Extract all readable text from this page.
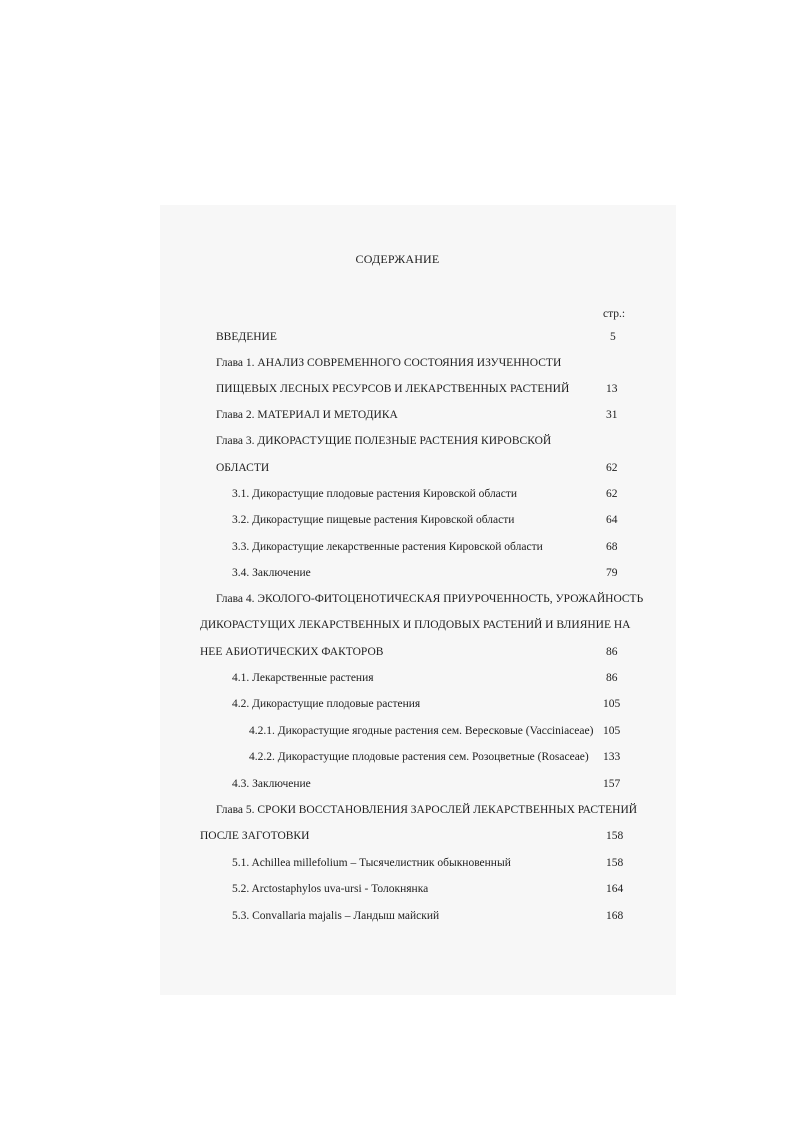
СОДЕРЖАНИЕ
стр.:
ВВЕДЕНИЕ	5
Глава 1. АНАЛИЗ СОВРЕМЕННОГО СОСТОЯНИЯ ИЗУЧЕННОСТИ
ПИЩЕВЫХ ЛЕСНЫХ РЕСУРСОВ И ЛЕКАРСТВЕННЫХ РАСТЕНИЙ	13
Глава 2. МАТЕРИАЛ И МЕТОДИКА	31
Глава 3. ДИКОРАСТУЩИЕ ПОЛЕЗНЫЕ РАСТЕНИЯ КИРОВСКОЙ
ОБЛАСТИ	62
3.1. Дикорастущие плодовые растения Кировской области	62
3.2. Дикорастущие пищевые растения Кировской области	64
3.3. Дикорастущие лекарственные растения Кировской области	68
3.4. Заключение	79
Глава 4. ЭКОЛОГО-ФИТОЦЕНОТИЧЕСКАЯ ПРИУРОЧЕННОСТЬ, УРОЖАЙНОСТЬ
ДИКОРАСТУЩИХ ЛЕКАРСТВЕННЫХ И ПЛОДОВЫХ РАСТЕНИЙ И ВЛИЯНИЕ НА
НЕЕ АБИОТИЧЕСКИХ ФАКТОРОВ	86
4.1. Лекарственные растения	86
4.2. Дикорастущие плодовые растения	105
4.2.1. Дикорастущие ягодные растения сем. Вересковые (Vacciniaceae) 105
4.2.2. Дикорастущие плодовые растения сем. Розоцветные (Rosaceae) 133
4.3. Заключение	157
Глава 5. СРОКИ ВОССТАНОВЛЕНИЯ ЗАРОСЛЕЙ ЛЕКАРСТВЕННЫХ РАСТЕНИЙ
ПОСЛЕ ЗАГОТОВКИ	158
5.1. Achillea millefolium – Тысячелистник обыкновенный	158
5.2. Arctostaphylos uva-ursi - Толокнянка	164
5.3. Convallaria majalis – Ландыш майский	168
